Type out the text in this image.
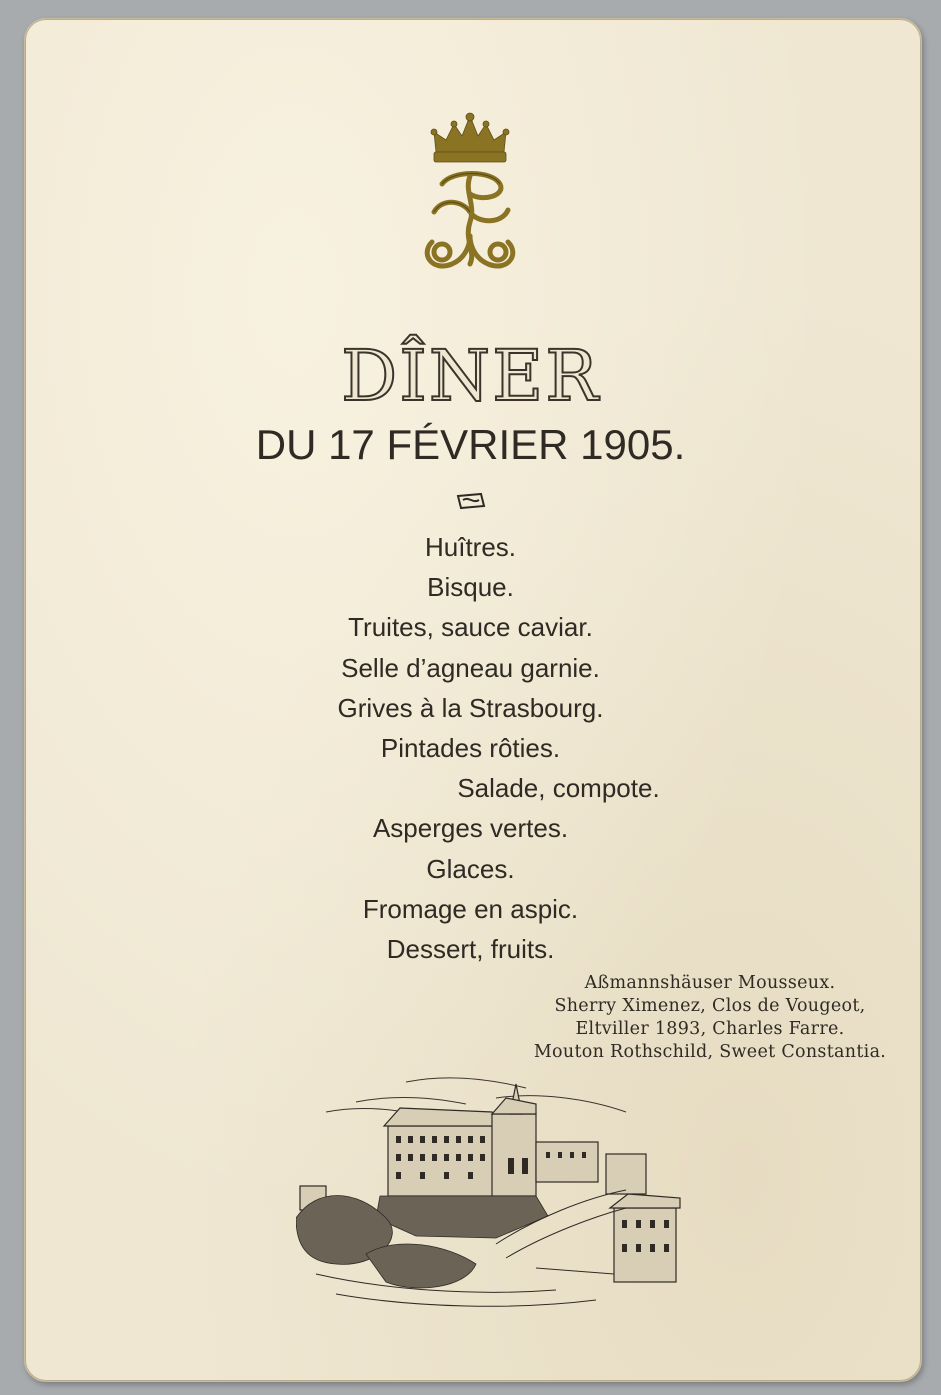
DÎNER
DU 17 FÉVRIER 1905.
Huîtres.
Bisque.
Truites, sauce caviar.
Selle d’agneau garnie.
Grives à la Strasbourg.
Pintades rôties.
Salade, compote.
Asperges vertes.
Glaces.
Fromage en aspic.
Dessert, fruits.
Aßmannshäuser Mousseux.
Sherry Ximenez, Clos de Vougeot,
Eltviller 1893, Charles Farre.
Mouton Rothschild, Sweet Constantia.
